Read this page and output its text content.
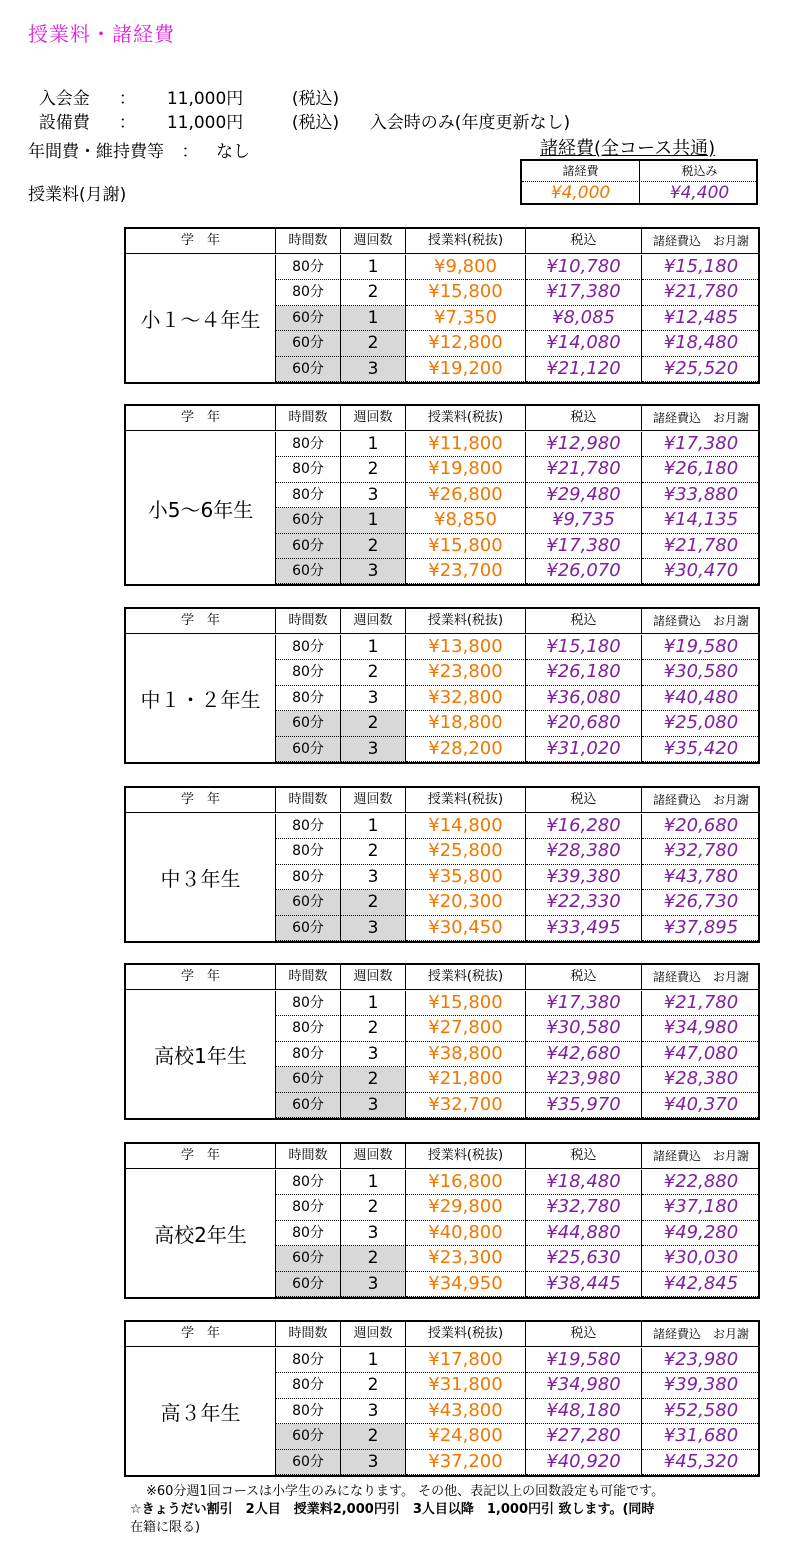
授業料・諸経費

入会金 ： 11,000円	(税込)

設備費 ： 11,000円	(税込) 入会時のみ(年度更新なし)

年間費・維持費等 ： なし
授業料(月謝)
諸経費(全コース共通)
諸経費	税込み
¥4,000	¥4,400
学　年	時間数	週回数	授業料(税抜)	税込	諸経費込　お月謝
小１～４年生
80分	1	¥9,800	¥10,780	¥15,180
80分	2	¥15,800	¥17,380	¥21,780
60分	1	¥7,350	¥8,085	¥12,485
60分	2	¥12,800	¥14,080	¥18,480
60分	3	¥19,200	¥21,120	¥25,520
学　年	時間数	週回数	授業料(税抜)	税込	諸経費込　お月謝
小5～6年生
80分	1	¥11,800	¥12,980	¥17,380
80分	2	¥19,800	¥21,780	¥26,180
80分	3	¥26,800	¥29,480	¥33,880
60分	1	¥8,850	¥9,735	¥14,135
60分	2	¥15,800	¥17,380	¥21,780
60分	3	¥23,700	¥26,070	¥30,470
学　年	時間数	週回数	授業料(税抜)	税込	諸経費込　お月謝
中１・２年生
80分	1	¥13,800	¥15,180	¥19,580
80分	2	¥23,800	¥26,180	¥30,580
80分	3	¥32,800	¥36,080	¥40,480
60分	2	¥18,800	¥20,680	¥25,080
60分	3	¥28,200	¥31,020	¥35,420
学　年	時間数	週回数	授業料(税抜)	税込	諸経費込　お月謝
中３年生
80分	1	¥14,800	¥16,280	¥20,680
80分	2	¥25,800	¥28,380	¥32,780
80分	3	¥35,800	¥39,380	¥43,780
60分	2	¥20,300	¥22,330	¥26,730
60分	3	¥30,450	¥33,495	¥37,895
学　年	時間数	週回数	授業料(税抜)	税込	諸経費込　お月謝
高校1年生
80分	1	¥15,800	¥17,380	¥21,780
80分	2	¥27,800	¥30,580	¥34,980
80分	3	¥38,800	¥42,680	¥47,080
60分	2	¥21,800	¥23,980	¥28,380
60分	3	¥32,700	¥35,970	¥40,370
学　年	時間数	週回数	授業料(税抜)	税込	諸経費込　お月謝
高校2年生
80分	1	¥16,800	¥18,480	¥22,880
80分	2	¥29,800	¥32,780	¥37,180
80分	3	¥40,800	¥44,880	¥49,280
60分	2	¥23,300	¥25,630	¥30,030
60分	3	¥34,950	¥38,445	¥42,845
学　年	時間数	週回数	授業料(税抜)	税込	諸経費込　お月謝
高３年生
80分	1	¥17,800	¥19,580	¥23,980
80分	2	¥31,800	¥34,980	¥39,380
80分	3	¥43,800	¥48,180	¥52,580
60分	2	¥24,800	¥27,280	¥31,680
60分	3	¥37,200	¥40,920	¥45,320
※60分週1回コースは小学生のみになります。 その他、表記以上の回数設定も可能です。
☆きょうだい割引　2人目　授業料2,000円引　3人目以降　1,000円引 致します。(同時
在籍に限る)
